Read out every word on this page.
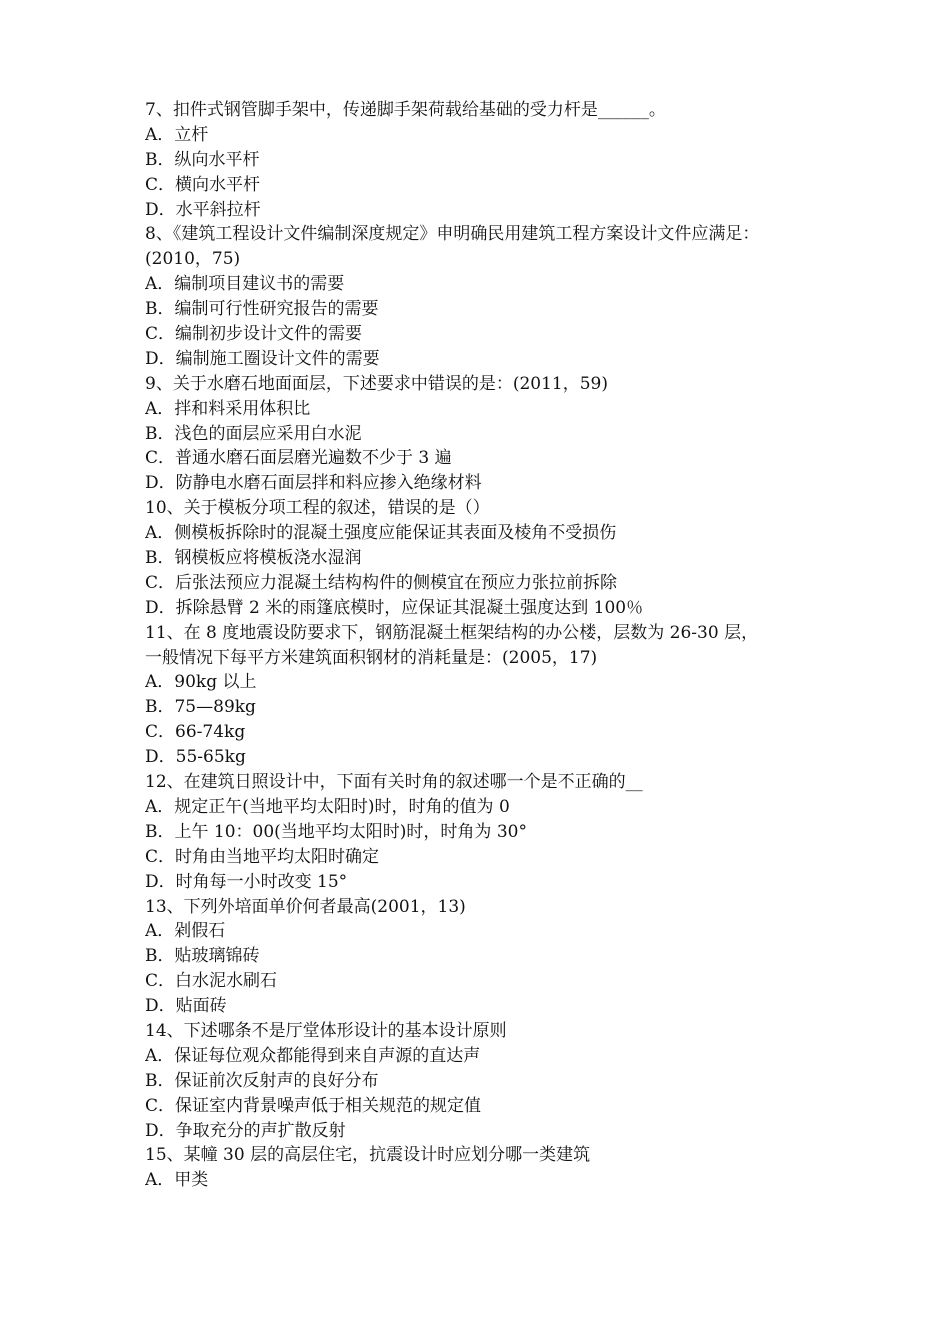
7、扣件式钢管脚手架中，传递脚手架荷载给基础的受力杆是______。
A．立杆
B．纵向水平杆
C．横向水平杆
D．水平斜拉杆
8、《建筑工程设计文件编制深度规定》申明确民用建筑工程方案设计文件应满足：
(2010，75)
A．编制项目建议书的需要
B．编制可行性研究报告的需要
C．编制初步设计文件的需要
D．编制施工圈设计文件的需要
9、关于水磨石地面面层，下述要求中错误的是：(2011，59)
A．拌和料采用体积比
B．浅色的面层应采用白水泥
C．普通水磨石面层磨光遍数不少于 3 遍
D．防静电水磨石面层拌和料应掺入绝缘材料
10、关于模板分项工程的叙述，错误的是（）
A．侧模板拆除时的混凝土强度应能保证其表面及棱角不受损伤
B．钢模板应将模板浇水湿润
C．后张法预应力混凝土结构构件的侧模宜在预应力张拉前拆除
D．拆除悬臂 2 米的雨篷底模时，应保证其混凝土强度达到 100％
11、在 8 度地震设防要求下，钢筋混凝土框架结构的办公楼，层数为 26-30 层，
一般情况下每平方米建筑面积钢材的消耗量是：(2005，17)
A．90kg 以上
B．75—89kg
C．66-74kg
D．55-65kg
12、在建筑日照设计中，下面有关时角的叙述哪一个是不正确的__
A．规定正午(当地平均太阳时)时，时角的值为 0
B．上午 10：00(当地平均太阳时)时，时角为 30°
C．时角由当地平均太阳时确定
D．时角每一小时改变 15°
13、下列外培面单价何者最高(2001，13)
A．剁假石
B．贴玻璃锦砖
C．白水泥水刷石
D．贴面砖
14、下述哪条不是厅堂体形设计的基本设计原则
A．保证每位观众都能得到来自声源的直达声
B．保证前次反射声的良好分布
C．保证室内背景噪声低于相关规范的规定值
D．争取充分的声扩散反射
15、某幢 30 层的高层住宅，抗震设计时应划分哪一类建筑
A．甲类
